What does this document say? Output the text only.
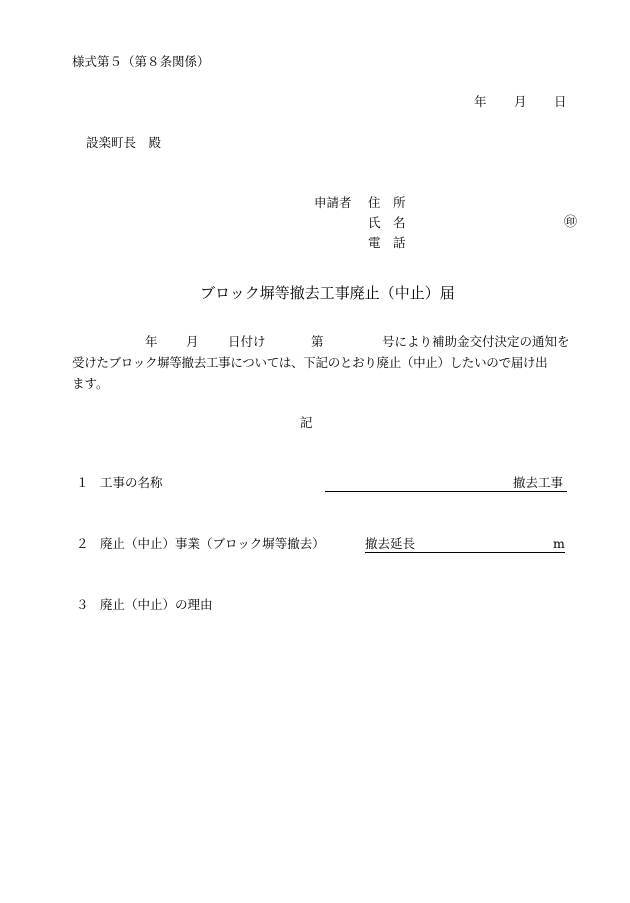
様式第５（第８条関係）
年 月 日
設楽町長　殿
申請者 住　所
氏　名	㊞
電　話
ブロック塀等撤去工事廃止（中止）届
年 月 日付け	第	号により補助金交付決定の通知を
受けたブロック塀等撤去工事については、下記のとおり廃止（中止）したいので届け出
ます。
記
１ 工事の名称	撤去工事
２ 廃止（中止）事業（ブロック塀等撤去）	撤去延長	m
３ 廃止（中止）の理由
